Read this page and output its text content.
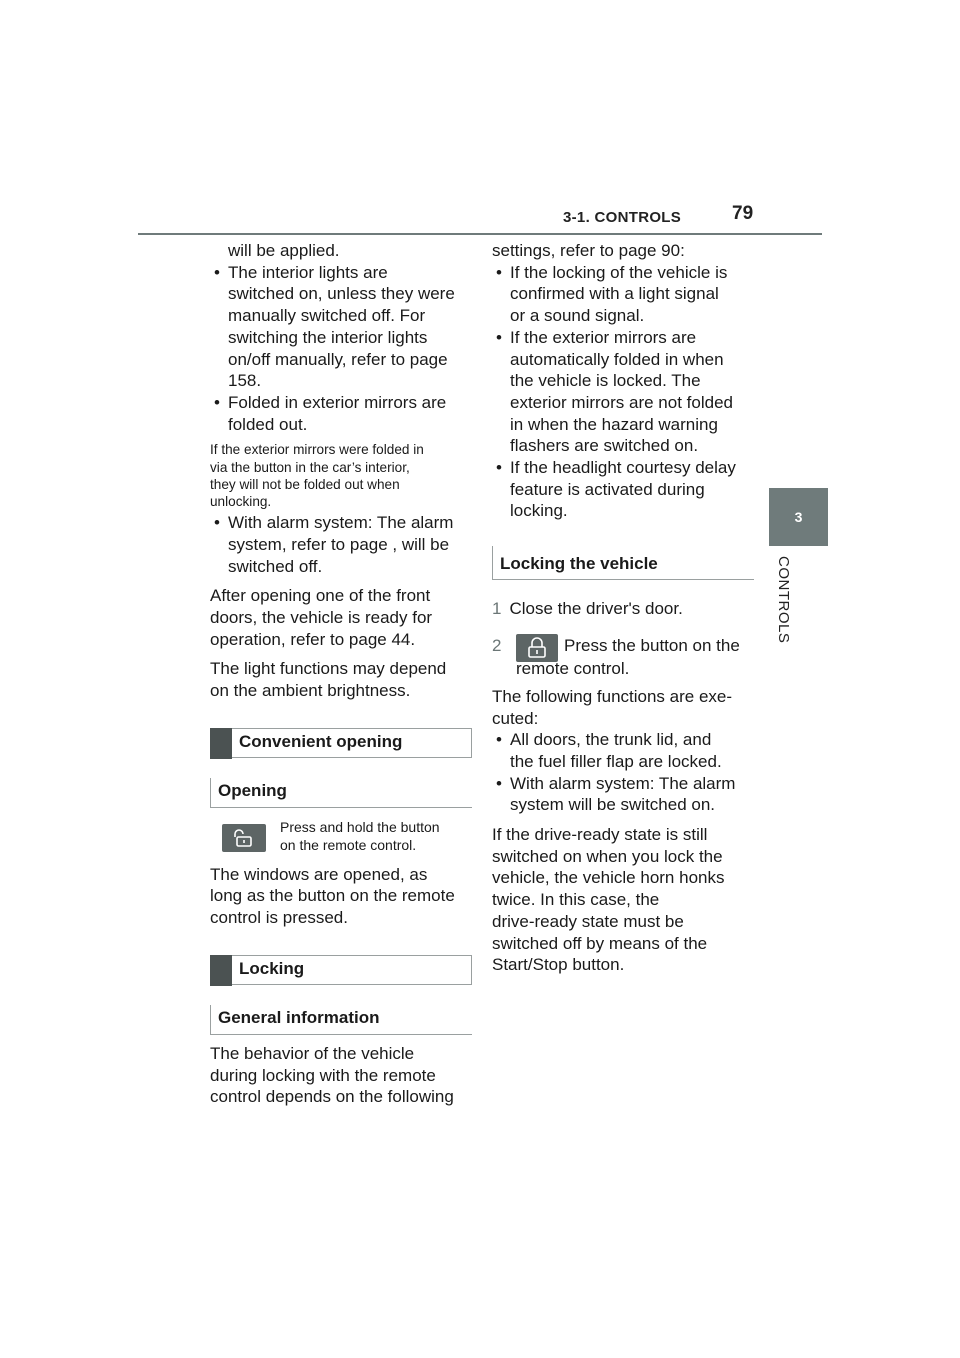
3-1. CONTROLS	79
3
CONTROLS
will be applied.
• The interior lights are
switched on, unless they were
manually switched off. For
switching the interior lights
on/off manually, refer to page
158.
• Folded in exterior mirrors are
folded out.
If the exterior mirrors were folded in
via the button in the car’s interior,
they will not be folded out when
unlocking.
• With alarm system: The alarm
system, refer to page , will be
switched off.
After opening one of the front
doors, the vehicle is ready for
operation, refer to page 44.
The light functions may depend
on the ambient brightness.
Convenient opening
Opening
Press and hold the button
on the remote control.
The windows are opened, as
long as the button on the remote
control is pressed.
Locking
General information
The behavior of the vehicle
during locking with the remote
control depends on the following
settings, refer to page 90:
• If the locking of the vehicle is
confirmed with a light signal
or a sound signal.
• If the exterior mirrors are
automatically folded in when
the vehicle is locked. The
exterior mirrors are not folded
in when the hazard warning
flashers are switched on.
• If the headlight courtesy delay
feature is activated during
locking.
Locking the vehicle
1 Close the driver's door.
2	Press the button on the
remote control.
The following functions are exe-
cuted:
• All doors, the trunk lid, and
the fuel filler flap are locked.
• With alarm system: The alarm
system will be switched on.
If the drive-ready state is still
switched on when you lock the
vehicle, the vehicle horn honks
twice. In this case, the
drive-ready state must be
switched off by means of the
Start/Stop button.
